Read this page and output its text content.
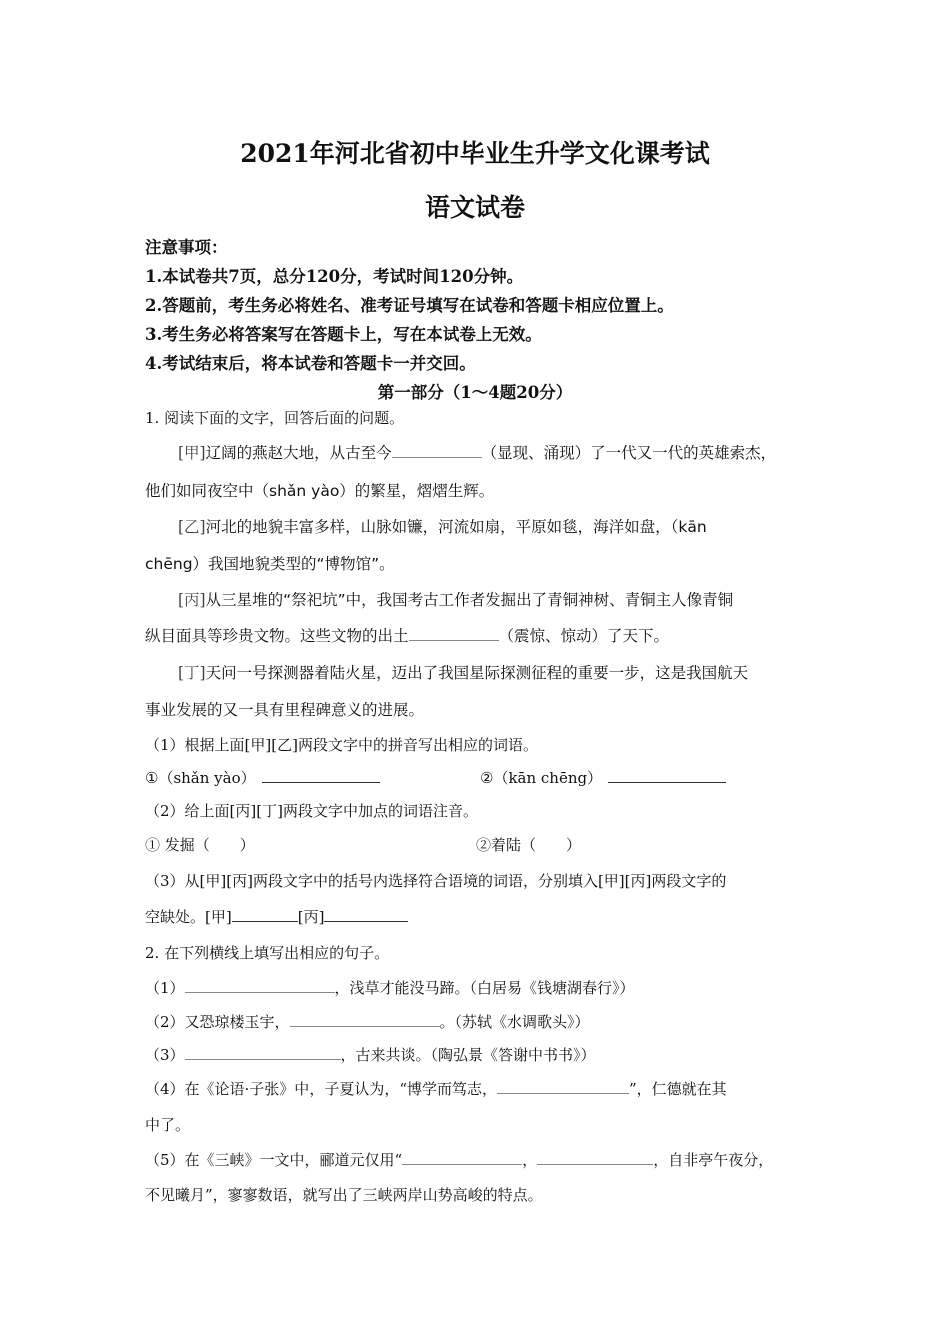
2021年河北省初中毕业生升学文化课考试
语文试卷
注意事项：
1.本试卷共7页，总分120分，考试时间120分钟。
2.答题前，考生务必将姓名、准考证号填写在试卷和答题卡相应位置上。
3.考生务必将答案写在答题卡上，写在本试卷上无效。
4.考试结束后，将本试卷和答题卡一并交回。
第一部分（1～4题20分）
1. 阅读下面的文字，回答后面的问题。
[甲]辽阔的燕赵大地，从古至今	（显现、涌现）了一代又一代的英雄索杰，
他们如同夜空中（shǎn yào）的繁星，熠熠生辉。
[乙]河北的地貌丰富多样，山脉如镰，河流如扇，平原如毯，海洋如盘，（kān
chēng）我国地貌类型的“博物馆”。
[丙]从三星堆的“祭祀坑”中，我国考古工作者发掘出了青铜神树、青铜主人像青铜
纵目面具等珍贵文物。这些文物的出土	（震惊、惊动）了天下。
[丁]天问一号探测器着陆火星，迈出了我国星际探测征程的重要一步，这是我国航天
事业发展的又一具有里程碑意义的进展。
（1）根据上面[甲][乙]两段文字中的拼音写出相应的词语。
①（shǎn yào）	②（kān chēng）
（2）给上面[丙][丁]两段文字中加点的词语注音。
① 发掘（　　）	②着陆（　　）
（3）从[甲][丙]两段文字中的括号内选择符合语境的词语，分别填入[甲][丙]两段文字的
空缺处。[甲]	[丙]
2. 在下列横线上填写出相应的句子。
（1）	，浅草才能没马蹄。（白居易《钱塘湖春行》）
（2）又恐琼楼玉宇，	。（苏轼《水调歌头》）
（3）	，古来共谈。（陶弘景《答谢中书书》）
（4）在《论语·子张》中，子夏认为，“博学而笃志，	”，仁德就在其
中了。
（5）在《三峡》一文中，郦道元仅用“	，	，自非亭午夜分，
不见曦月”，寥寥数语，就写出了三峡两岸山势高峻的特点。
